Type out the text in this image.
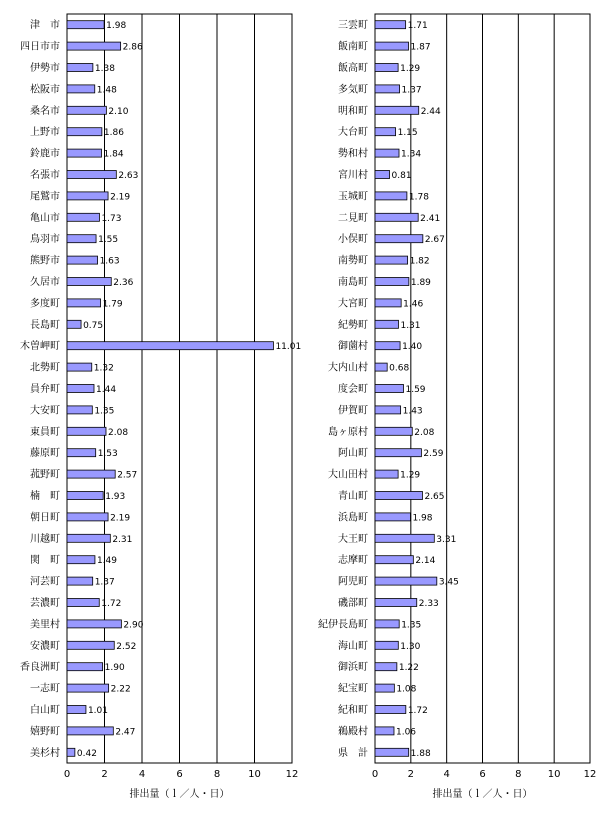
0	2	4	6	8	10 12
津　市	1.98
四日市市	2.86
伊勢市	1.38
松阪市	1.48
桑名市	2.10
上野市	1.86
鈴鹿市	1.84
名張市	2.63
尾鷲市	2.19
亀山市	1.73
鳥羽市	1.55
熊野市	1.63
久居市	2.36
多度町	1.79
長島町	0.75
木曽岬町	11.01
北勢町	1.32
員弁町	1.44
大安町	1.35
東員町	2.08
藤原町	1.53
菰野町	2.57
楠　町	1.93
朝日町	2.19
川越町	2.31
関　町	1.49
河芸町	1.37
芸濃町	1.72
美里村	2.90
安濃町	2.52
香良洲町	1.90
一志町	2.22
白山町	1.01
嬉野町	2.47
美杉村 0.42
排出量（ｌ／人・日）
0	2	4	6	8	10 12
三雲町	1.71
飯南町	1.87
飯高町	1.29
多気町	1.37
明和町	2.44
大台町	1.15
勢和村	1.34
宮川村	0.81
玉城町	1.78
二見町	2.41
小俣町	2.67
南勢町	1.82
南島町	1.89
大宮町	1.46
紀勢町	1.31
御薗村	1.40
大内山村 0.68
度会町	1.59
伊賀町	1.43
島ヶ原村	2.08
阿山町	2.59
大山田村	1.29
青山町	2.65
浜島町	1.98
大王町	3.31
志摩町	2.14
阿児町	3.45
磯部町	2.33
紀伊長島町	1.35
海山町	1.30
御浜町	1.22
紀宝町	1.08
紀和町	1.72
鵜殿村	1.06
県　計	1.88
排出量（ｌ／人・日）
